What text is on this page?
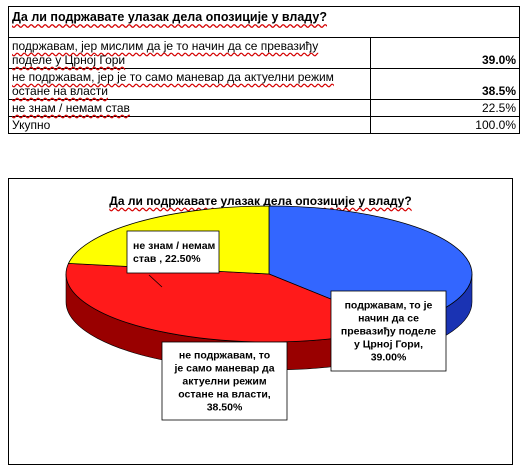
Да ли подржавате улазак дела опозиције у владу?	
подржавам, јер мислим да је то начин да се превазиђу
поделе у Црној Гори	39.0%
не подржавам, јер је то само маневар да актуелни режим
остане на власти	38.5%
не знам / немам став	22.5%
Укупно	100.0%
Да ли подржавате улазак дела опозиције у владу?
подржавам, то је
начин да се
превазиђу поделе
у Црној Гори,
39.00%
не подржавам, то
је само маневар да
актуелни режим
остане на власти,
38.50%
не знам / немам
став , 22.50%
